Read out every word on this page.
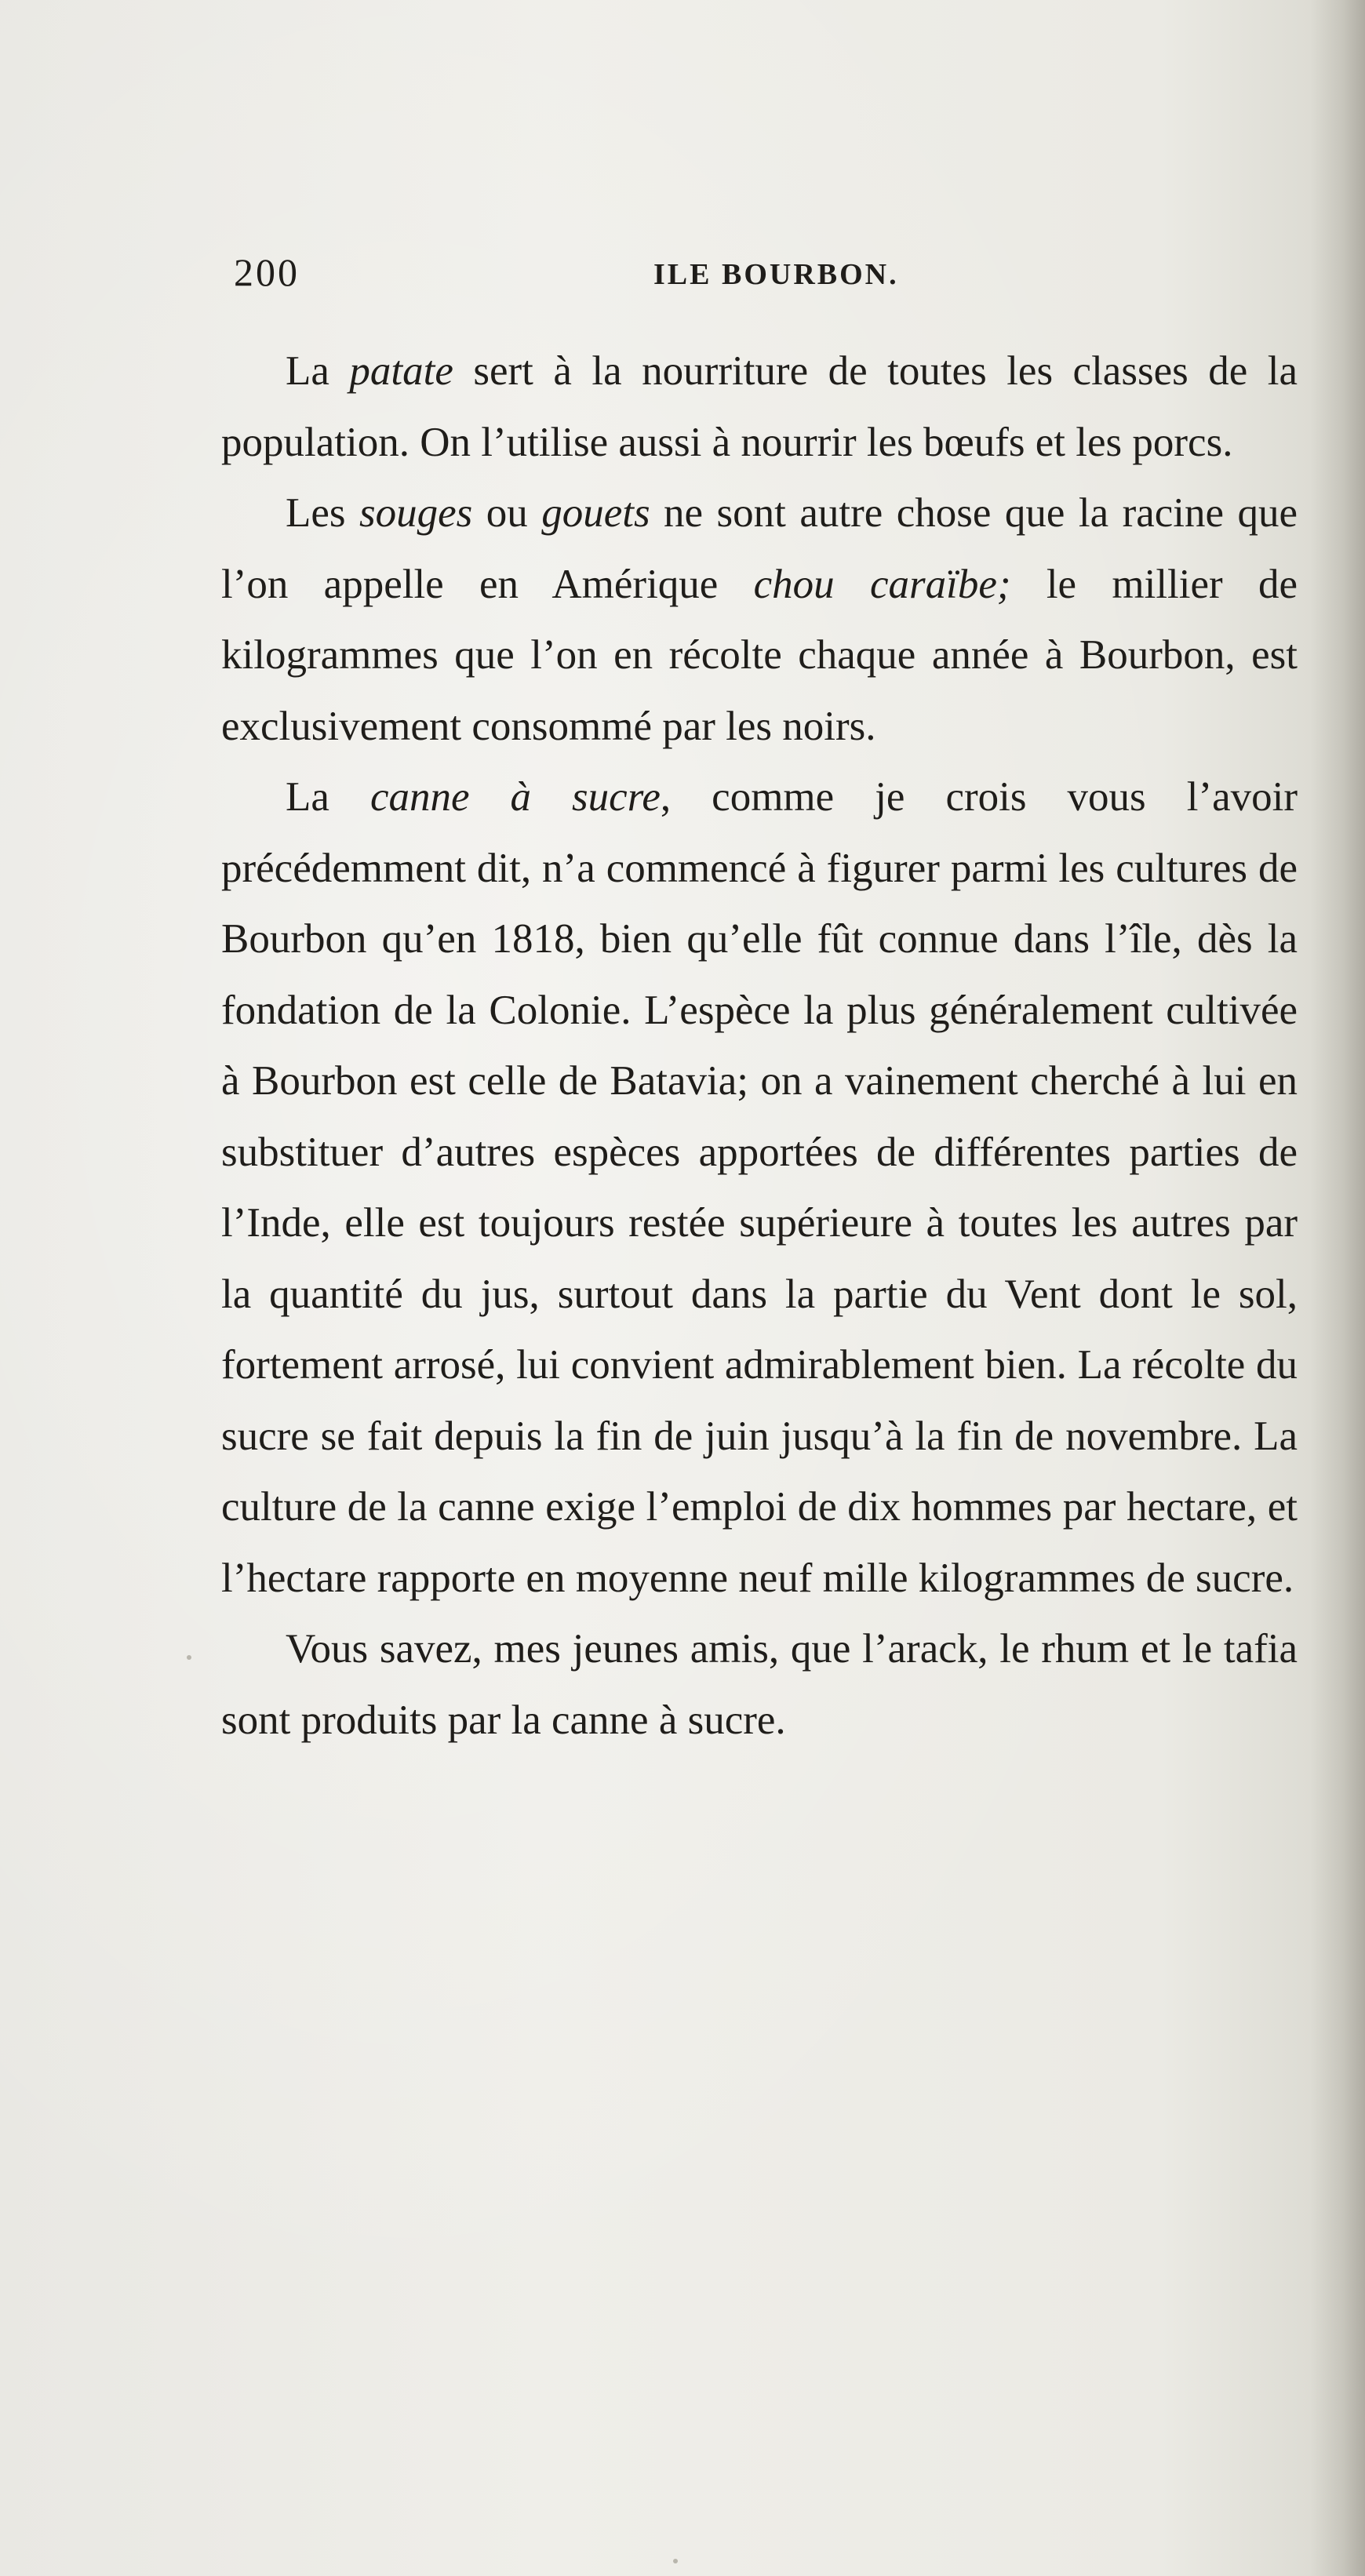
200	ILE BOURBON.

La patate sert à la nourriture de toutes les classes de la population. On l’utilise aussi à nourrir les bœufs et les porcs.

Les souges ou gouets ne sont autre chose que la racine que l’on appelle en Amérique chou caraïbe; le millier de kilogrammes que l’on en récolte chaque année à Bourbon, est exclusivement consommé par les noirs.

La canne à sucre, comme je crois vous l’avoir précédemment dit, n’a commencé à figurer parmi les cultures de Bourbon qu’en 1818, bien qu’elle fût connue dans l’île, dès la fondation de la Colonie. L’espèce la plus généralement cultivée à Bourbon est celle de Batavia; on a vainement cherché à lui en substituer d’autres espèces apportées de différentes parties de l’Inde, elle est toujours restée supérieure à toutes les autres par la quantité du jus, surtout dans la partie du Vent dont le sol, fortement arrosé, lui convient admirablement bien. La récolte du sucre se fait depuis la fin de juin jusqu’à la fin de novembre. La culture de la canne exige l’emploi de dix hommes par hectare, et l’hectare rapporte en moyenne neuf mille kilogrammes de sucre.

Vous savez, mes jeunes amis, que l’arack, le rhum et le tafia sont produits par la canne à sucre.
